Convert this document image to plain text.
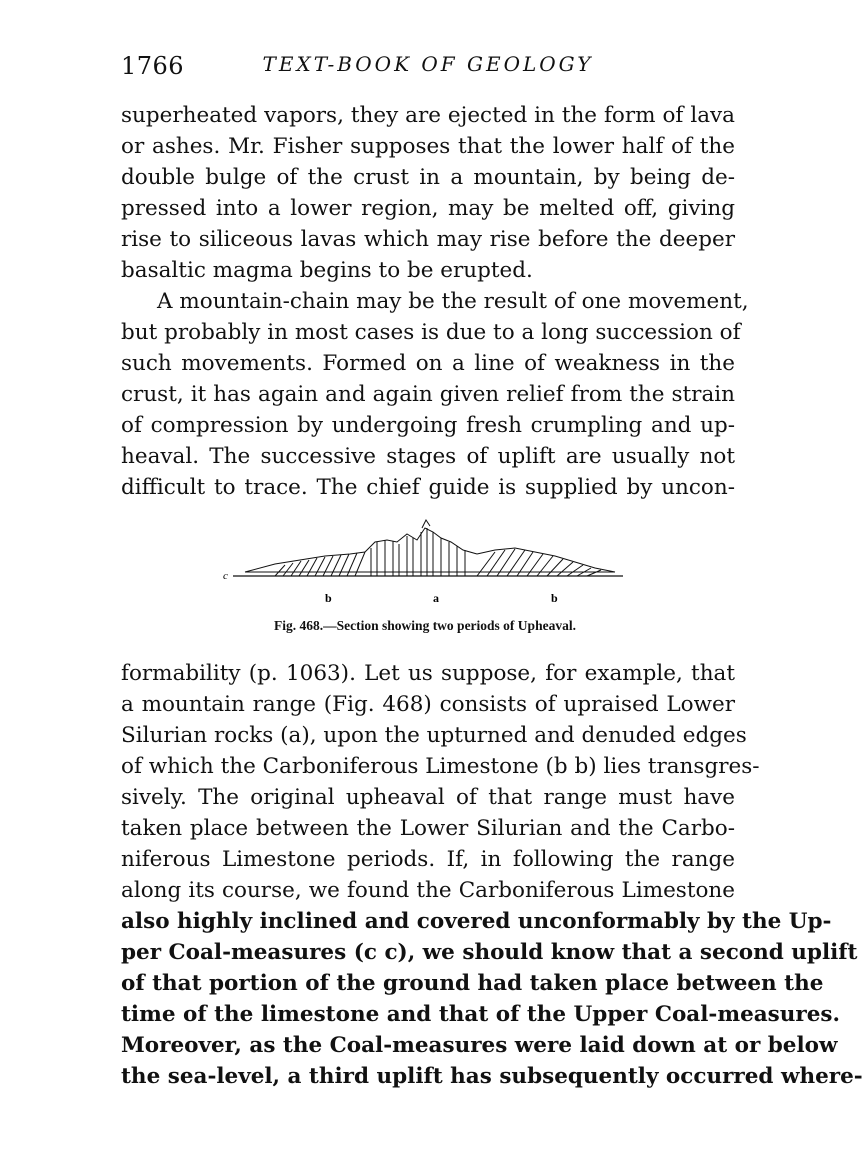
1766	TEXT-BOOK OF GEOLOGY
superheated vapors, they are ejected in the form of lava
or ashes. Mr. Fisher supposes that the lower half of the
double bulge of the crust in a mountain, by being de-
pressed into a lower region, may be melted off, giving
rise to siliceous lavas which may rise before the deeper
basaltic magma begins to be erupted.
A mountain-chain may be the result of one movement,
but probably in most cases is due to a long succession of
such movements. Formed on a line of weakness in the
crust, it has again and again given relief from the strain
of compression by undergoing fresh crumpling and up-
heaval. The successive stages of uplift are usually not
difficult to trace. The chief guide is supplied by uncon-
c
b	a	b
Fig. 468.—Section showing two periods of Upheaval.
formability (p. 1063). Let us suppose, for example, that
a mountain range (Fig. 468) consists of upraised Lower
Silurian rocks (a), upon the upturned and denuded edges
of which the Carboniferous Limestone (b b) lies transgres-
sively. The original upheaval of that range must have
taken place between the Lower Silurian and the Carbo-
niferous Limestone periods. If, in following the range
along its course, we found the Carboniferous Limestone
also highly inclined and covered unconformably by the Up-
per Coal-measures (c c), we should know that a second uplift
of that portion of the ground had taken place between the
time of the limestone and that of the Upper Coal-measures.
Moreover, as the Coal-measures were laid down at or below
the sea-level, a third uplift has subsequently occurred where-
